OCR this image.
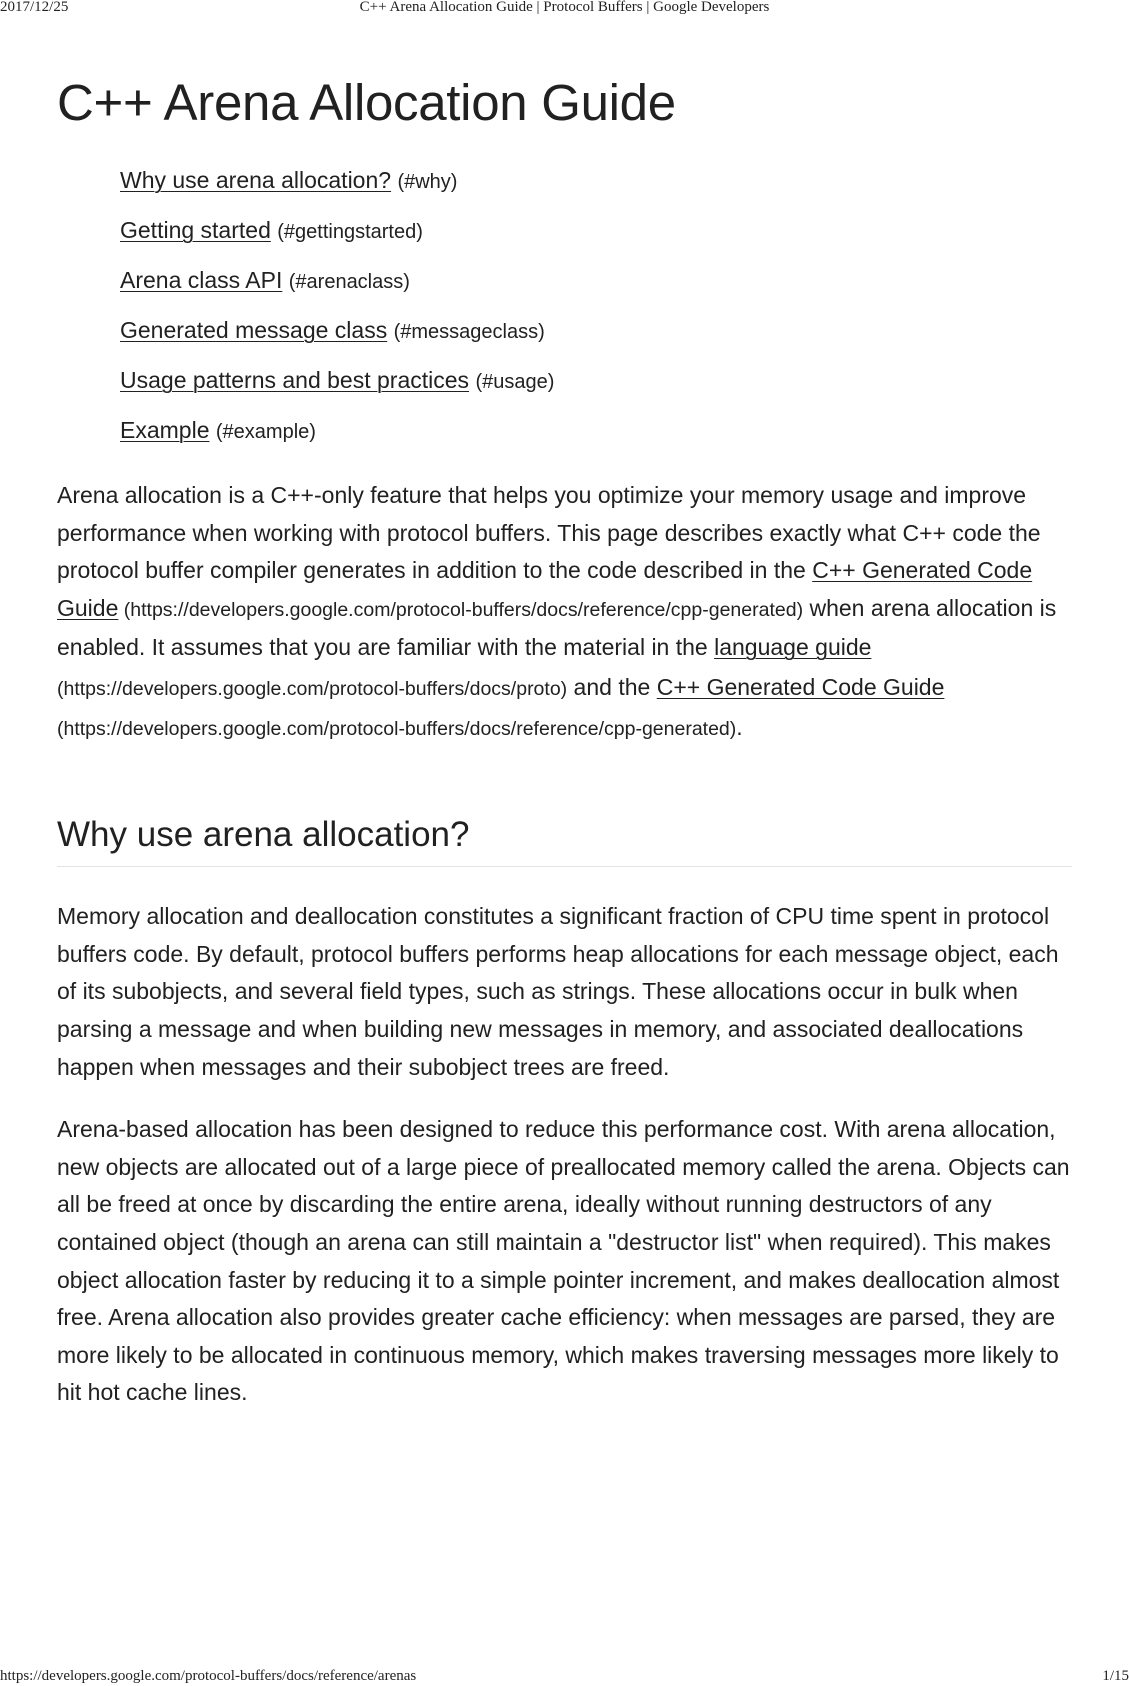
2017/12/25	C++ Arena Allocation Guide | Protocol Buffers | Google Developers
C++ Arena Allocation Guide
Why use arena allocation? (#why)
Getting started (#gettingstarted)
Arena class API (#arenaclass)
Generated message class (#messageclass)
Usage patterns and best practices (#usage)
Example (#example)

Arena allocation is a C++-only feature that helps you optimize your memory usage and improve performance when working with protocol buffers. This page describes exactly what C++ code the protocol buffer compiler generates in addition to the code described in the C++ Generated Code Guide (https://developers.google.com/protocol-buffers/docs/reference/cpp-generated) when arena allocation is enabled. It assumes that you are familiar with the material in the language guide (https://developers.google.com/protocol-buffers/docs/proto) and the C++ Generated Code Guide (https://developers.google.com/protocol-buffers/docs/reference/cpp-generated).

Why use arena allocation?

Memory allocation and deallocation constitutes a significant fraction of CPU time spent in protocol buffers code. By default, protocol buffers performs heap allocations for each message object, each of its subobjects, and several field types, such as strings. These allocations occur in bulk when parsing a message and when building new messages in memory, and associated deallocations happen when messages and their subobject trees are freed.

Arena-based allocation has been designed to reduce this performance cost. With arena allocation, new objects are allocated out of a large piece of preallocated memory called the arena. Objects can all be freed at once by discarding the entire arena, ideally without running destructors of any contained object (though an arena can still maintain a "destructor list" when required). This makes object allocation faster by reducing it to a simple pointer increment, and makes deallocation almost free. Arena allocation also provides greater cache efficiency: when messages are parsed, they are more likely to be allocated in continuous memory, which makes traversing messages more likely to hit hot cache lines.

https://developers.google.com/protocol-buffers/docs/reference/arenas	1/15
